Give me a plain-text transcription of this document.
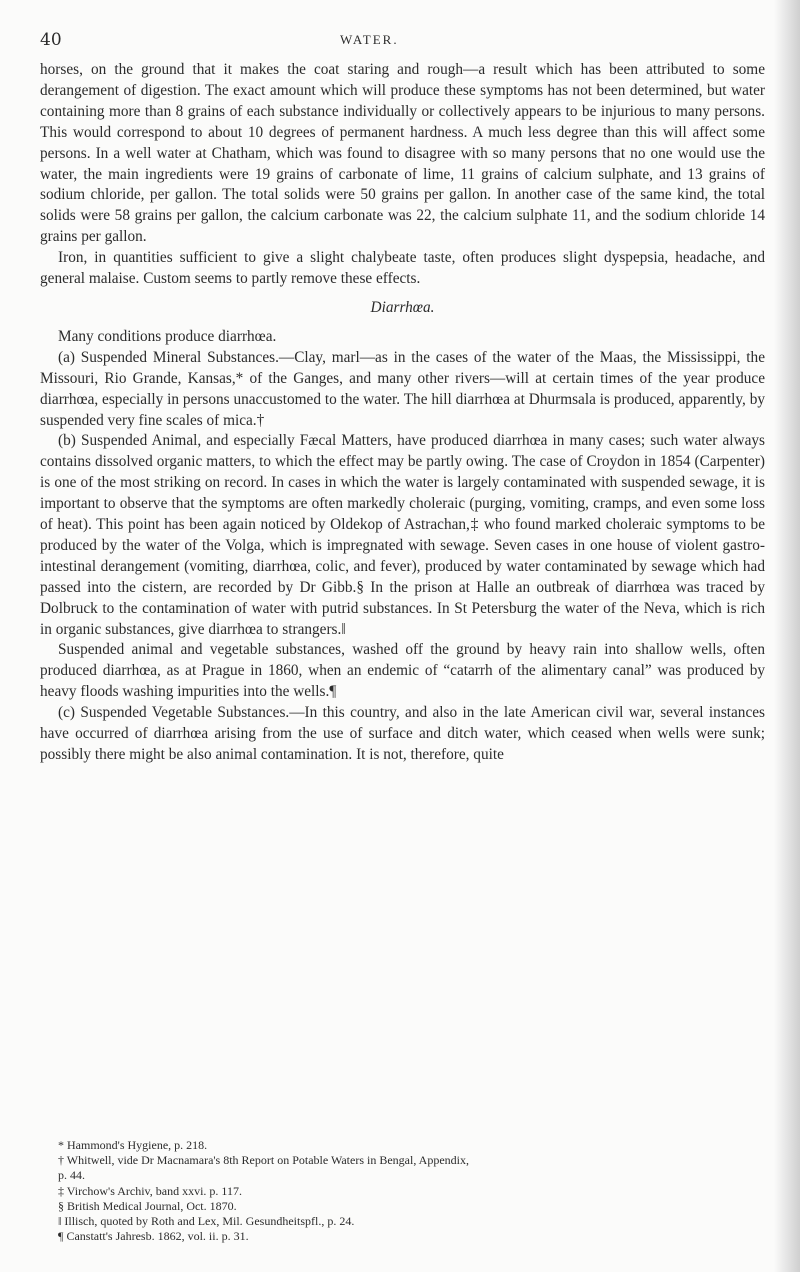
40	WATER.

horses, on the ground that it makes the coat staring and rough—a result which has been attributed to some derangement of digestion. The exact amount which will produce these symptoms has not been determined, but water containing more than 8 grains of each substance individually or collectively appears to be injurious to many persons. This would correspond to about 10 degrees of permanent hardness. A much less degree than this will affect some persons. In a well water at Chatham, which was found to disagree with so many persons that no one would use the water, the main ingredients were 19 grains of carbonate of lime, 11 grains of calcium sulphate, and 13 grains of sodium chloride, per gallon. The total solids were 50 grains per gallon. In another case of the same kind, the total solids were 58 grains per gallon, the calcium carbonate was 22, the calcium sulphate 11, and the sodium chloride 14 grains per gallon.

Iron, in quantities sufficient to give a slight chalybeate taste, often produces slight dyspepsia, headache, and general malaise. Custom seems to partly remove these effects.

Diarrhœa.

Many conditions produce diarrhœa.

(a) Suspended Mineral Substances.—Clay, marl—as in the cases of the water of the Maas, the Mississippi, the Missouri, Rio Grande, Kansas,* of the Ganges, and many other rivers—will at certain times of the year produce diarrhœa, especially in persons unaccustomed to the water. The hill diarrhœa at Dhurmsala is produced, apparently, by suspended very fine scales of mica.†

(b) Suspended Animal, and especially Fæcal Matters, have produced diarrhœa in many cases; such water always contains dissolved organic matters, to which the effect may be partly owing. The case of Croydon in 1854 (Carpenter) is one of the most striking on record. In cases in which the water is largely contaminated with suspended sewage, it is important to observe that the symptoms are often markedly choleraic (purging, vomiting, cramps, and even some loss of heat). This point has been again noticed by Oldekop of Astrachan,‡ who found marked choleraic symptoms to be produced by the water of the Volga, which is impregnated with sewage. Seven cases in one house of violent gastro-intestinal derangement (vomiting, diarrhœa, colic, and fever), produced by water contaminated by sewage which had passed into the cistern, are recorded by Dr Gibb.§ In the prison at Halle an outbreak of diarrhœa was traced by Dolbruck to the contamination of water with putrid substances. In St Petersburg the water of the Neva, which is rich in organic substances, give diarrhœa to strangers.‖

Suspended animal and vegetable substances, washed off the ground by heavy rain into shallow wells, often produced diarrhœa, as at Prague in 1860, when an endemic of “catarrh of the alimentary canal” was produced by heavy floods washing impurities into the wells.¶

(c) Suspended Vegetable Substances.—In this country, and also in the late American civil war, several instances have occurred of diarrhœa arising from the use of surface and ditch water, which ceased when wells were sunk; possibly there might be also animal contamination. It is not, therefore, quite

* Hammond's Hygiene, p. 218.
† Whitwell, vide Dr Macnamara's 8th Report on Potable Waters in Bengal, Appendix,
p. 44.
‡ Virchow's Archiv, band xxvi. p. 117.
§ British Medical Journal, Oct. 1870.
‖ Illisch, quoted by Roth and Lex, Mil. Gesundheitspfl., p. 24.
¶ Canstatt's Jahresb. 1862, vol. ii. p. 31.
